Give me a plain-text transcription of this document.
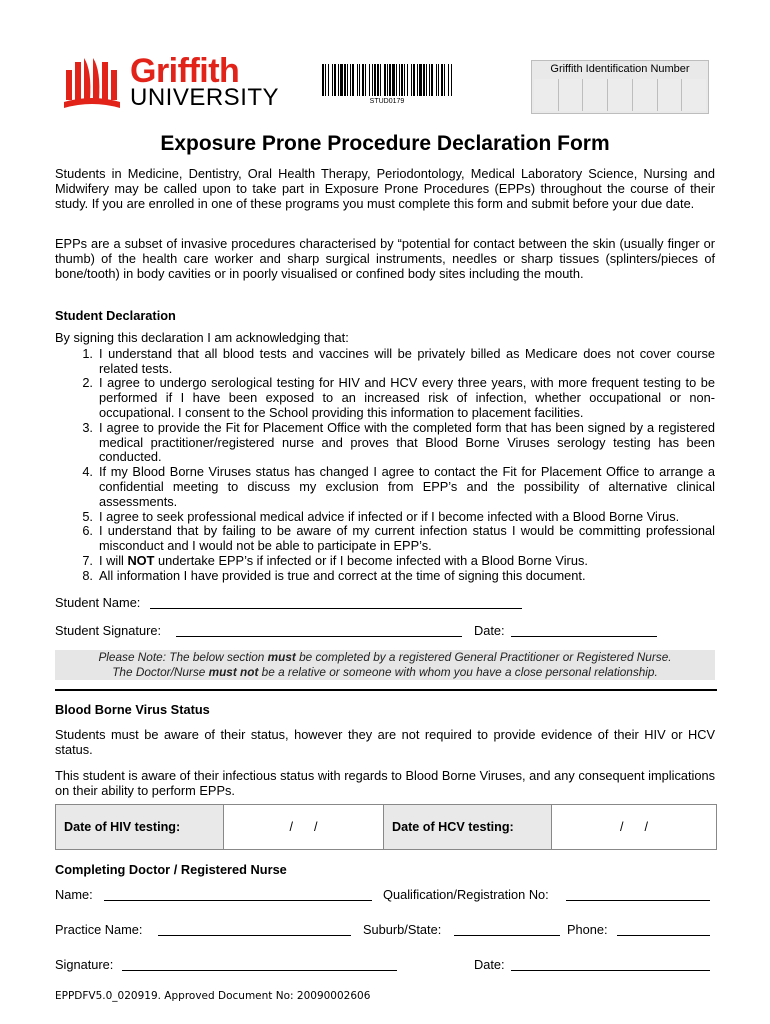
Griffith
UNIVERSITY	STUD0179
Griffith Identification Number
Exposure Prone Procedure Declaration Form
Students in Medicine, Dentistry, Oral Health Therapy, Periodontology, Medical Laboratory Science, Nursing and Midwifery may be called upon to take part in Exposure Prone Procedures (EPPs) throughout the course of their study. If you are enrolled in one of these programs you must complete this form and submit before your due date.
EPPs are a subset of invasive procedures characterised by “potential for contact between the skin (usually finger or thumb) of the health care worker and sharp surgical instruments, needles or sharp tissues (splinters/pieces of bone/tooth) in body cavities or in poorly visualised or confined body sites including the mouth.
Student Declaration
By signing this declaration I am acknowledging that:
1. I understand that all blood tests and vaccines will be privately billed as Medicare does not cover course related tests.
2. I agree to undergo serological testing for HIV and HCV every three years, with more frequent testing to be performed if I have been exposed to an increased risk of infection, whether occupational or non-occupational. I consent to the School providing this information to placement facilities.
3. I agree to provide the Fit for Placement Office with the completed form that has been signed by a registered medical practitioner/registered nurse and proves that Blood Borne Viruses serology testing has been conducted.
4. If my Blood Borne Viruses status has changed I agree to contact the Fit for Placement Office to arrange a confidential meeting to discuss my exclusion from EPP’s and the possibility of alternative clinical assessments.
5. I agree to seek professional medical advice if infected or if I become infected with a Blood Borne Virus.
6. I understand that by failing to be aware of my current infection status I would be committing professional misconduct and I would not be able to participate in EPP’s.
7. I will NOT undertake EPP’s if infected or if I become infected with a Blood Borne Virus.
8. All information I have provided is true and correct at the time of signing this document.
Student Name:
Student Signature:	Date:
Please Note: The below section must be completed by a registered General Practitioner or Registered Nurse.
The Doctor/Nurse must not be a relative or someone with whom you have a close personal relationship.
Blood Borne Virus Status
Students must be aware of their status, however they are not required to provide evidence of their HIV or HCV status.
This student is aware of their infectious status with regards to Blood Borne Viruses, and any consequent implications on their ability to perform EPPs.
Date of HIV testing:	/      /	Date of HCV testing:	/      /
Completing Doctor / Registered Nurse
Name:	Qualification/Registration No:
Practice Name:	Suburb/State:	Phone:
Signature:	Date:
EPPDFV5.0_020919. Approved Document No: 20090002606
